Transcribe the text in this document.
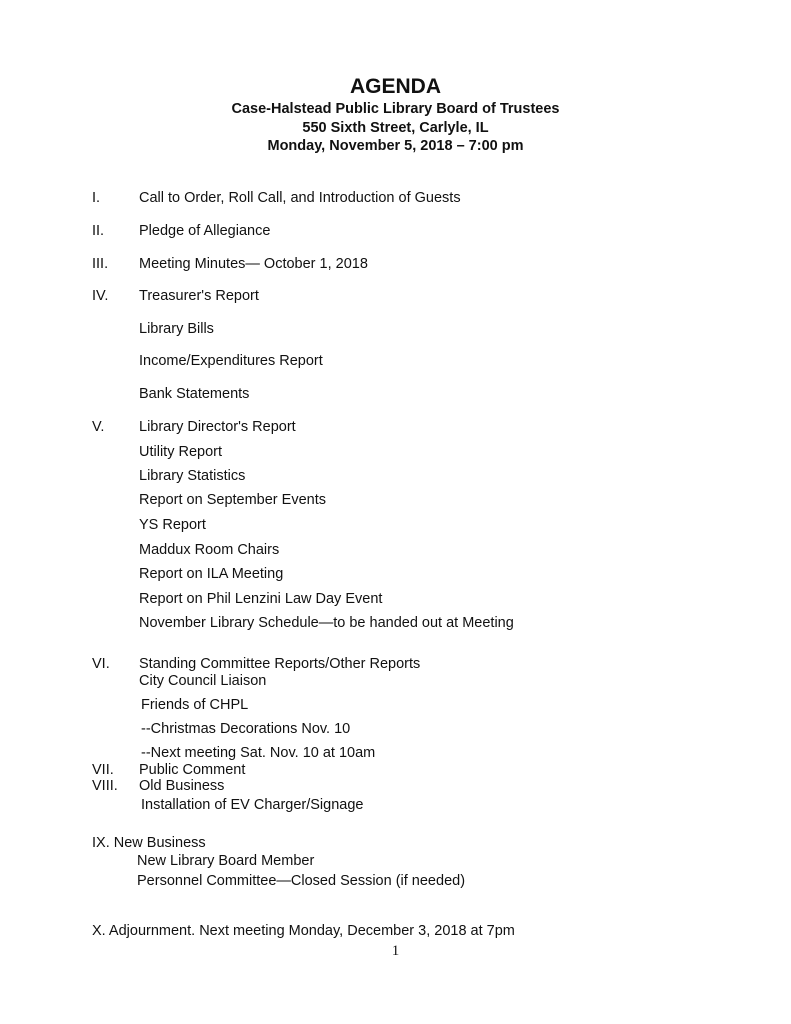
AGENDA
Case-Halstead Public Library Board of Trustees
550 Sixth Street, Carlyle, IL
Monday, November 5, 2018 – 7:00 pm
I.	Call to Order, Roll Call, and Introduction of Guests
II. Pledge of Allegiance
III. Meeting Minutes— October 1, 2018
IV. Treasurer's Report
Library Bills
Income/Expenditures Report
Bank Statements
V. Library Director's Report
Utility Report
Library Statistics
Report on September Events
YS Report
Maddux Room Chairs
Report on ILA Meeting
Report on Phil Lenzini Law Day Event
November Library Schedule—to be handed out at Meeting
VI. Standing Committee Reports/Other Reports
City Council Liaison
Friends of CHPL
--Christmas Decorations Nov. 10
--Next meeting Sat. Nov. 10 at 10am
VII. Public Comment
VIII. Old Business
Installation of EV Charger/Signage
IX. New Business
New Library Board Member
Personnel Committee—Closed Session (if needed)
X. Adjournment. Next meeting Monday, December 3, 2018 at 7pm
1
